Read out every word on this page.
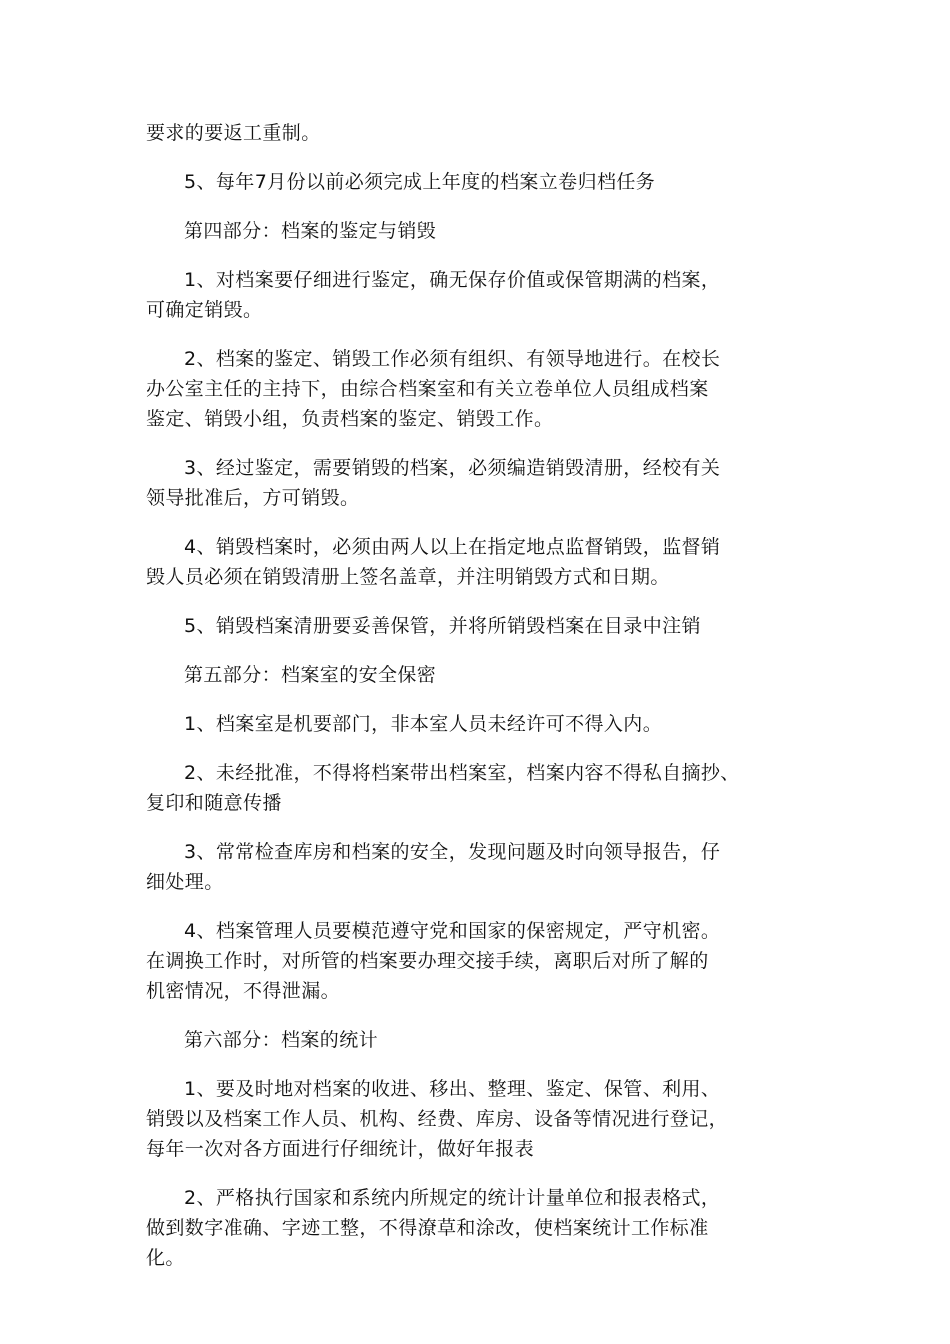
要求的要返工重制。

5、每年7月份以前必须完成上年度的档案立卷归档任务

第四部分：档案的鉴定与销毁

1、对档案要仔细进行鉴定，确无保存价值或保管期满的档案，
可确定销毁。

2、档案的鉴定、销毁工作必须有组织、有领导地进行。在校长
办公室主任的主持下，由综合档案室和有关立卷单位人员组成档案
鉴定、销毁小组，负责档案的鉴定、销毁工作。

3、经过鉴定，需要销毁的档案，必须编造销毁清册，经校有关
领导批准后，方可销毁。

4、销毁档案时，必须由两人以上在指定地点监督销毁，监督销
毁人员必须在销毁清册上签名盖章，并注明销毁方式和日期。

5、销毁档案清册要妥善保管，并将所销毁档案在目录中注销

第五部分：档案室的安全保密

1、档案室是机要部门，非本室人员未经许可不得入内。

2、未经批准，不得将档案带出档案室，档案内容不得私自摘抄、
复印和随意传播

3、常常检查库房和档案的安全，发现问题及时向领导报告，仔
细处理。

4、档案管理人员要模范遵守党和国家的保密规定，严守机密。
在调换工作时，对所管的档案要办理交接手续，离职后对所了解的
机密情况，不得泄漏。

第六部分：档案的统计

1、要及时地对档案的收进、移出、整理、鉴定、保管、利用、
销毁以及档案工作人员、机构、经费、库房、设备等情况进行登记，
每年一次对各方面进行仔细统计，做好年报表

2、严格执行国家和系统内所规定的统计计量单位和报表格式，
做到数字准确、字迹工整，不得潦草和涂改，使档案统计工作标准
化。
